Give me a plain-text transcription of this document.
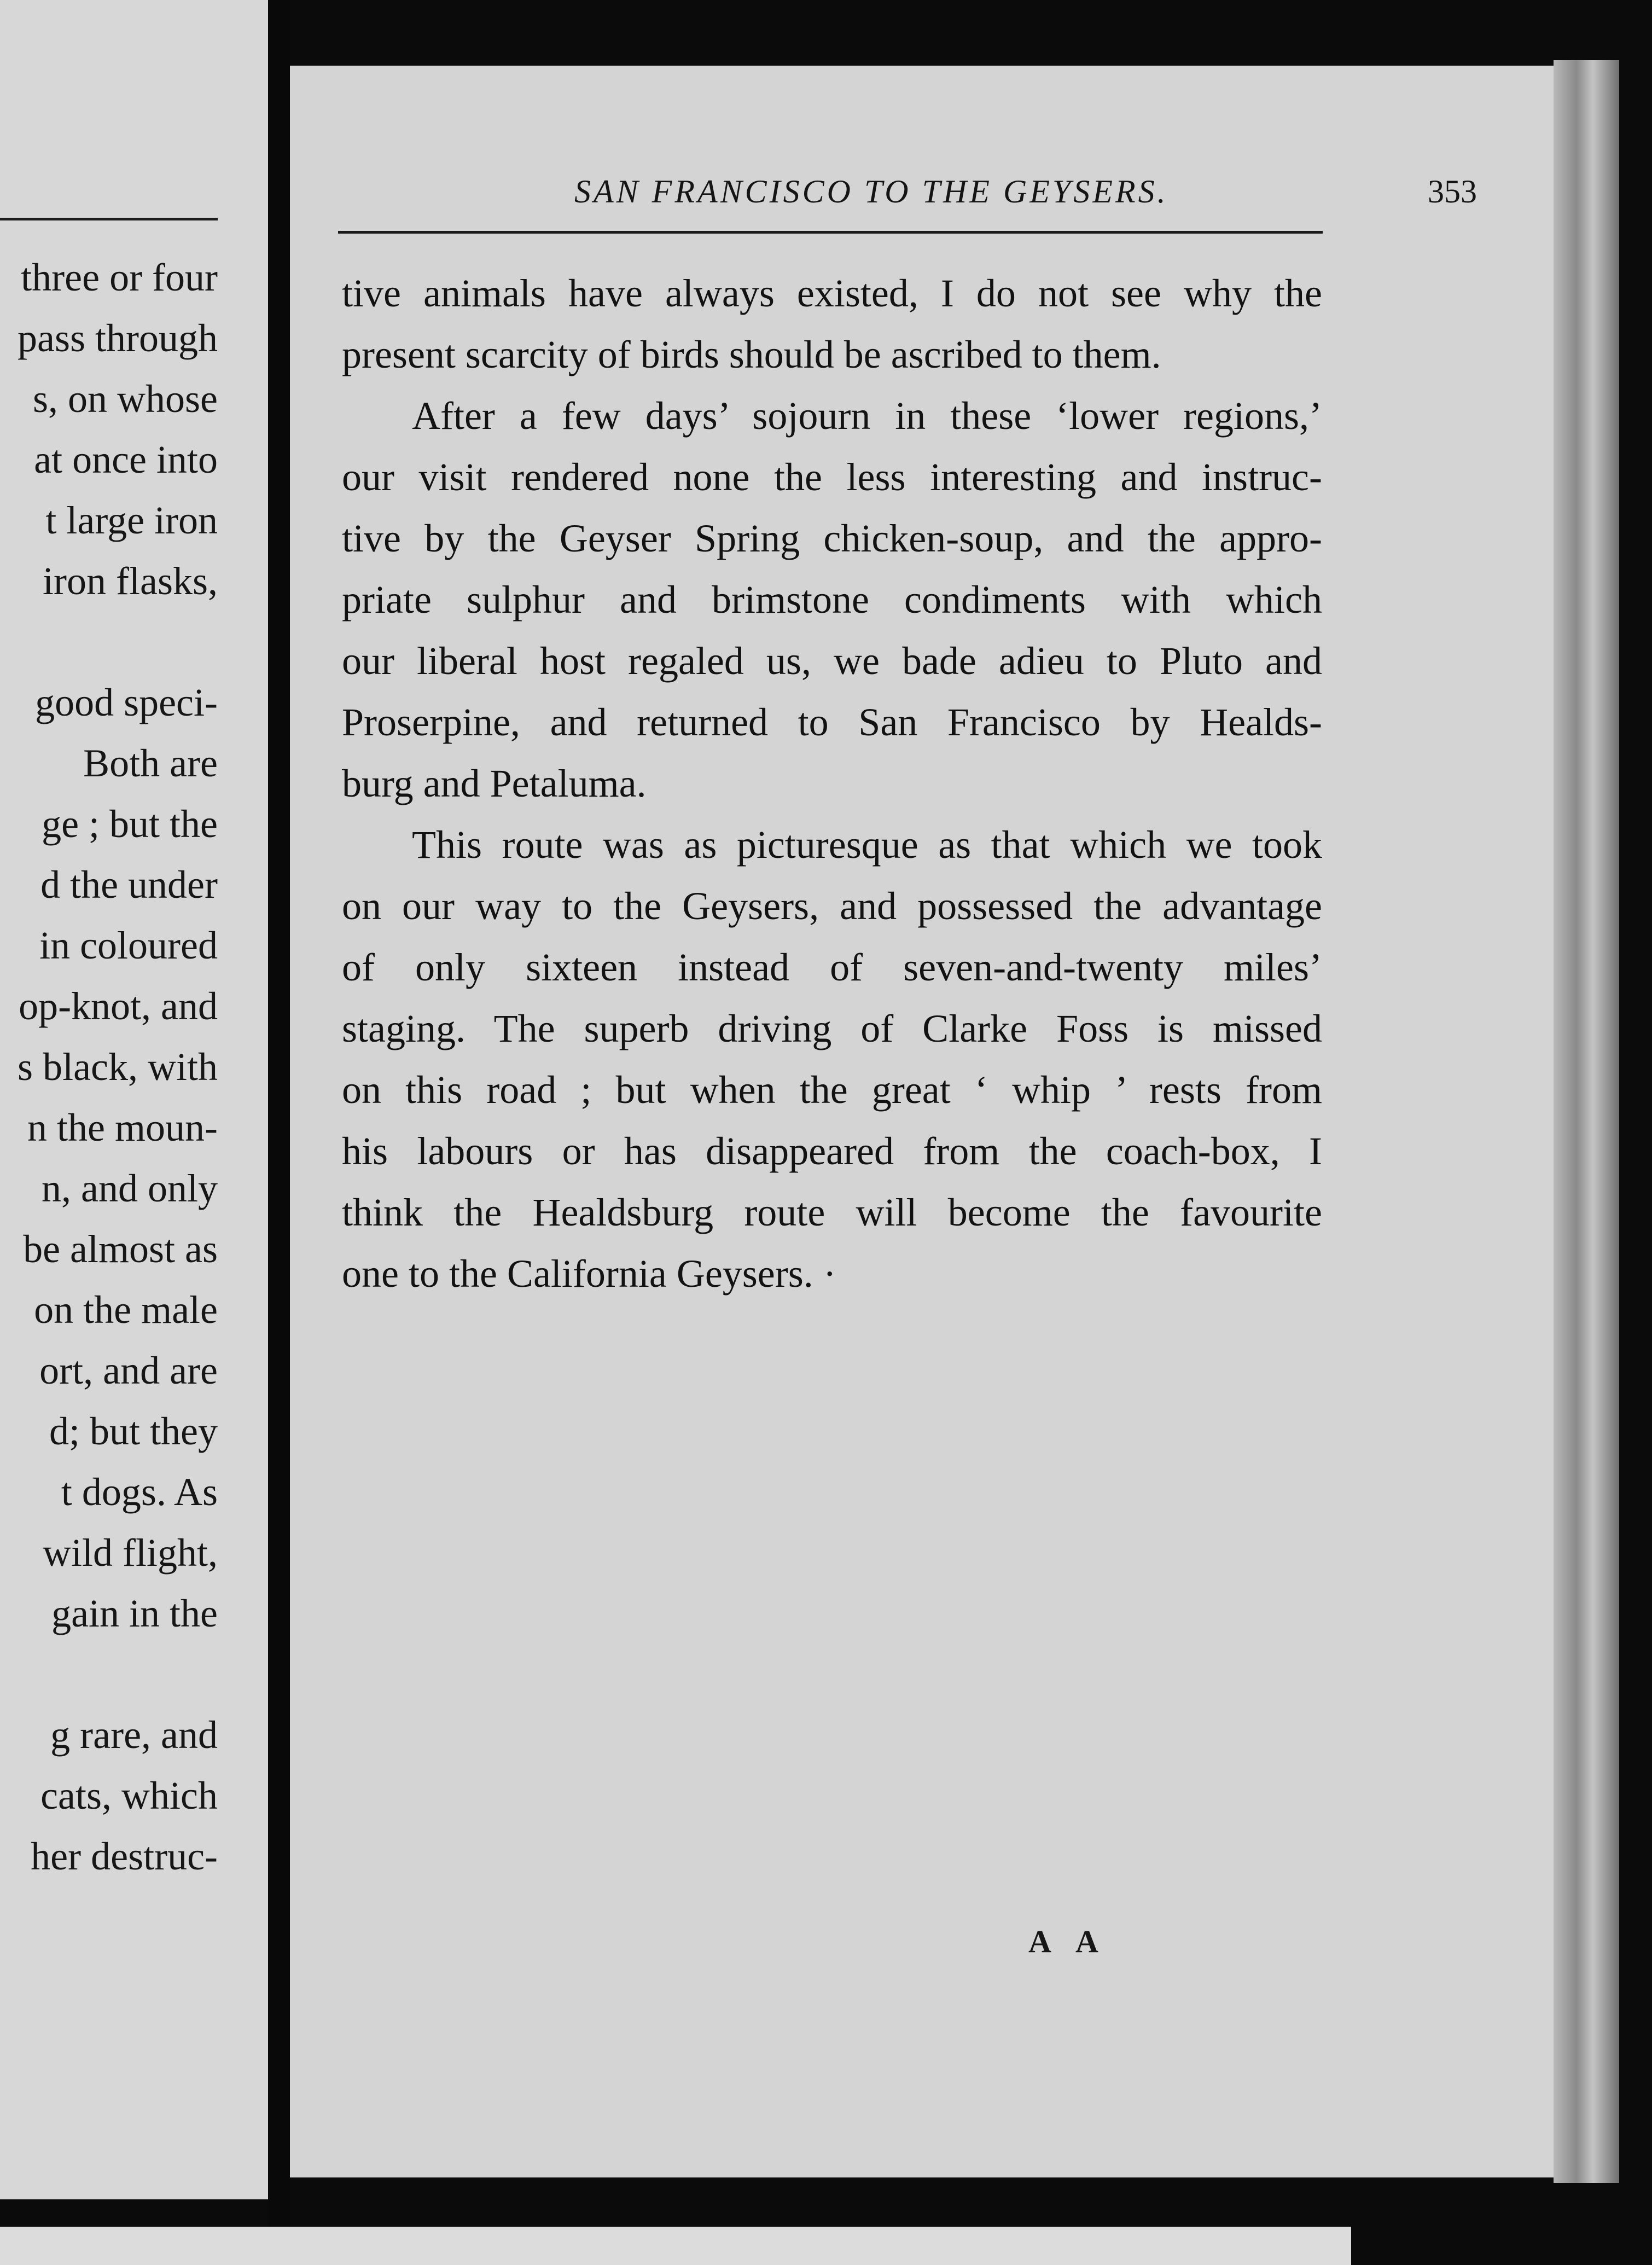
three or four
pass through
s, on whose
at once into
t large iron
iron flasks,
good speci-
Both are
ge ; but the
d the under
in coloured
op-knot, and
s black, with
n the moun-
n, and only
be almost as
on the male
ort, and are
d; but they
t dogs. As
wild flight,
gain in the
g rare, and
cats, which
her destruc-
SAN FRANCISCO TO THE GEYSERS.	353
tive animals have always existed, I do not see why the
present scarcity of birds should be ascribed to them.
After a few days’ sojourn in these ‘lower regions,’
our visit rendered none the less interesting and instruc-
tive by the Geyser Spring chicken-soup, and the appro-
priate sulphur and brimstone condiments with which
our liberal host regaled us, we bade adieu to Pluto and
Proserpine, and returned to San Francisco by Healds-
burg and Petaluma.
This route was as picturesque as that which we took
on our way to the Geysers, and possessed the advantage
of only sixteen instead of seven-and-twenty miles’
staging. The superb driving of Clarke Foss is missed
on this road ; but when the great ‘ whip ’ rests from
his labours or has disappeared from the coach-box, I
think the Healdsburg route will become the favourite
one to the California Geysers. ·
A A
